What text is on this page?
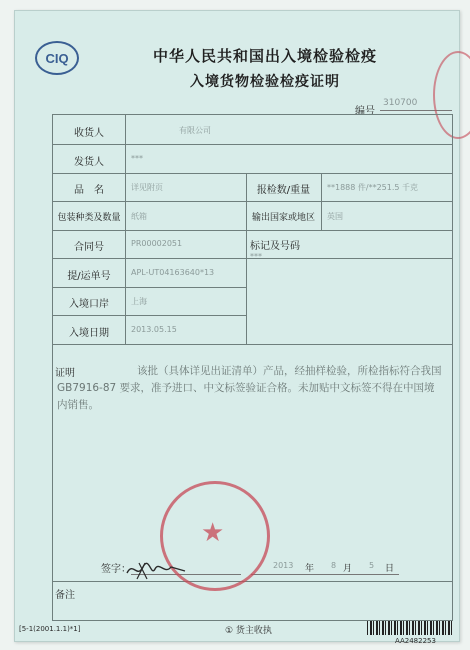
CIQ	中华人民共和国出入境检验检疫
入境货物检验检疫证明
编号
310700
收货人	有限公司
发货人	***
品　名	详见附页	报检数/重量	**1888 件/**251.5 千克
包装种类及数量	纸箱	输出国家或地区	英国
合同号	PR00002051	标记及号码
***
提/运单号	APL-UT04163640*13
入境口岸	上海
入境日期	2013.05.15
证明	该批（具体详见出证清单）产品，经抽样检验，所检指标符合我国 GB7916-87 要求，准予进口、中文标签验证合格。未加贴中文标签不得在中国境内销售。
签字：	2013 年 8 月 5 日
备注
★
[5-1(2001.1.1)*1]	① 货主收执
AA2482253
